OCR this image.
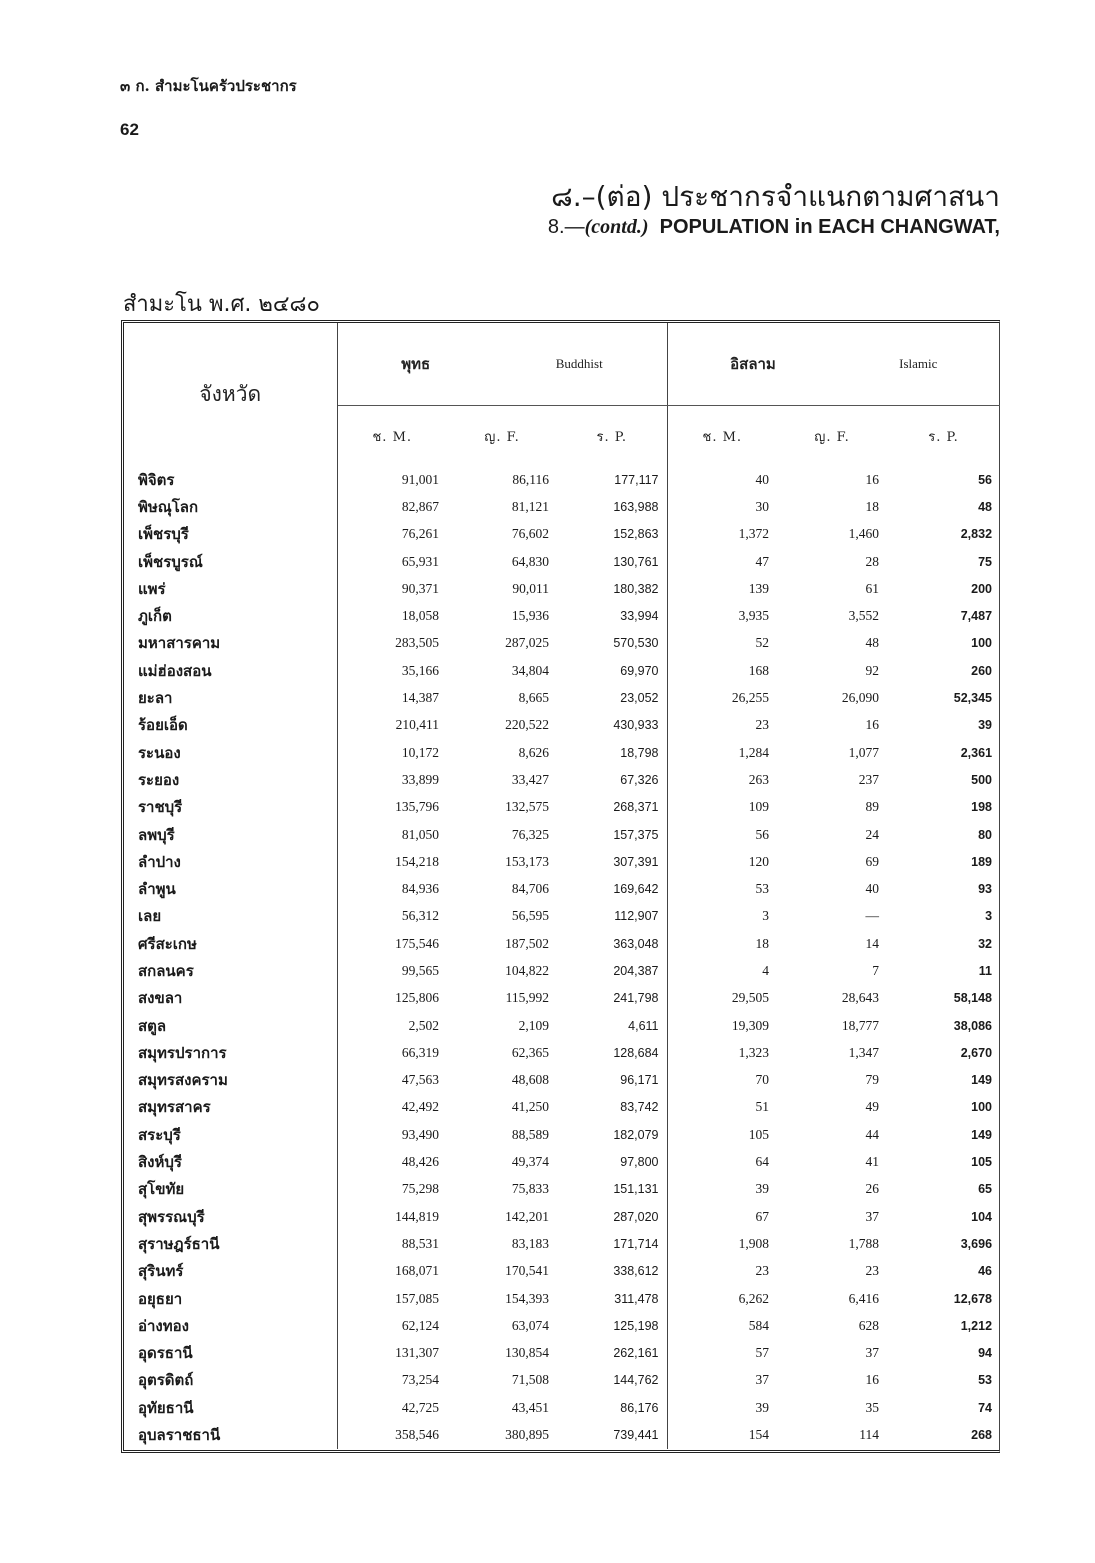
๓ ก. สำมะโนครัวประชากร
62
๘.–(ต่อ) ประชากรจำแนกตามศาสนา
8.—(contd.) POPULATION in EACH CHANGWAT,
สำมะโน พ.ศ. ๒๔๘๐
จังหวัด	พุทธ Buddhist			อิสลาม Islamic		

	ช. M.	ญ. F.	ร. P.	ช. M.	ญ. F.	ร. P.
พิจิตร	91,001	86,116	177,117	40	16	56
พิษณุโลก	82,867	81,121	163,988	30	18	48
เพ็ชรบุรี	76,261	76,602	152,863	1,372	1,460	2,832
เพ็ชรบูรณ์	65,931	64,830	130,761	47	28	75
แพร่	90,371	90,011	180,382	139	61	200
ภูเก็ต	18,058	15,936	33,994	3,935	3,552	7,487
มหาสารคาม	283,505	287,025	570,530	52	48	100
แม่ฮ่องสอน	35,166	34,804	69,970	168	92	260
ยะลา	14,387	8,665	23,052	26,255	26,090	52,345
ร้อยเอ็ด	210,411	220,522	430,933	23	16	39
ระนอง	10,172	8,626	18,798	1,284	1,077	2,361
ระยอง	33,899	33,427	67,326	263	237	500
ราชบุรี	135,796	132,575	268,371	109	89	198
ลพบุรี	81,050	76,325	157,375	56	24	80
ลำปาง	154,218	153,173	307,391	120	69	189
ลำพูน	84,936	84,706	169,642	53	40	93
เลย	56,312	56,595	112,907	3	—	3
ศรีสะเกษ	175,546	187,502	363,048	18	14	32
สกลนคร	99,565	104,822	204,387	4	7	11
สงขลา	125,806	115,992	241,798	29,505	28,643	58,148
สตูล	2,502	2,109	4,611	19,309	18,777	38,086
สมุทรปราการ	66,319	62,365	128,684	1,323	1,347	2,670
สมุทรสงคราม	47,563	48,608	96,171	70	79	149
สมุทรสาคร	42,492	41,250	83,742	51	49	100
สระบุรี	93,490	88,589	182,079	105	44	149
สิงห์บุรี	48,426	49,374	97,800	64	41	105
สุโขทัย	75,298	75,833	151,131	39	26	65
สุพรรณบุรี	144,819	142,201	287,020	67	37	104
สุราษฎร์ธานี	88,531	83,183	171,714	1,908	1,788	3,696
สุรินทร์	168,071	170,541	338,612	23	23	46
อยุธยา	157,085	154,393	311,478	6,262	6,416	12,678
อ่างทอง	62,124	63,074	125,198	584	628	1,212
อุดรธานี	131,307	130,854	262,161	57	37	94
อุตรดิตถ์	73,254	71,508	144,762	37	16	53
อุทัยธานี	42,725	43,451	86,176	39	35	74
อุบลราชธานี	358,546	380,895	739,441	154	114	268
